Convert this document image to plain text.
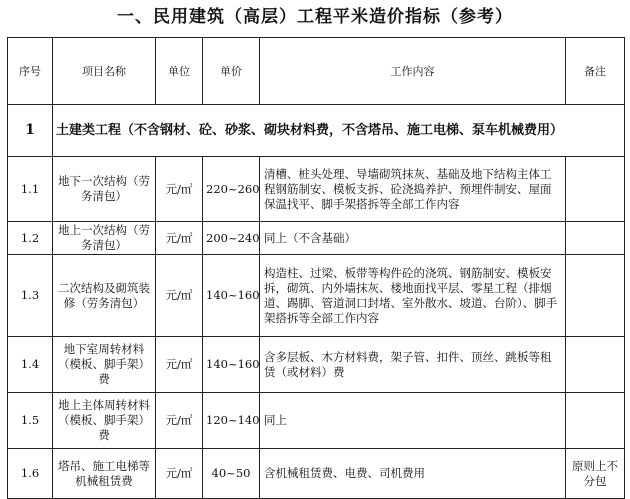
一、民用建筑（高层）工程平米造价指标（参考）
序号	项目名称	单位	单价	工作内容	备注
1	土建类工程（不含钢材、砼、砂浆、砌块材料费，不含塔吊、施工电梯、泵车机械费用）				
1.1	地下一次结构（劳务清包）	元/㎡	220~260	清槽、桩头处理、导墙砌筑抹灰、基础及地下结构主体工程钢筋制安、模板支拆、砼浇捣养护、预埋件制安、屋面保温找平、脚手架搭拆等全部工作内容	
1.2	地上一次结构（劳务清包）	元/㎡	200~240	同上（不含基础）	
1.3	二次结构及砌筑装修（劳务清包）	元/㎡	140~160	构造柱、过梁、板带等构件砼的浇筑、钢筋制安、模板安拆，砌筑、内外墙抹灰、楼地面找平层、零星工程（排烟道、踢脚、管道洞口封堵、室外散水、坡道、台阶）、脚手架搭拆等全部工作内容	
1.4	地下室周转材料（模板、脚手架）费	元/㎡	140~160	含多层板、木方材料费，架子管、扣件、顶丝、跳板等租赁（或材料）费	
1.5	地上主体周转材料（模板、脚手架）费	元/㎡	120~140	同上	
1.6	塔吊、施工电梯等机械租赁费	元/㎡	40~50	含机械租赁费、电费、司机费用	原则上不分包
